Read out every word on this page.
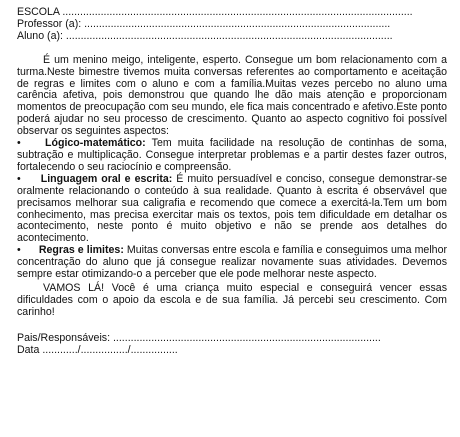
ESCOLA .......................................................................................................................
Professor (a): ........................................................................................................
Aluno (a): ...............................................................................................................

É um menino meigo, inteligente, esperto. Consegue um bom relacionamento com a turma.Neste bimestre tivemos muita conversas referentes ao comportamento e aceitação de regras e limites com o aluno e com a família.Muitas vezes percebo no aluno uma carência afetiva, pois demonstrou que quando lhe dão mais atenção e proporcionam momentos de preocupação com seu mundo, ele fica mais concentrado e afetivo.Este ponto poderá ajudar no seu processo de crescimento. Quanto ao aspecto cognitivo foi possível observar os seguintes aspectos:

• Lógico-matemático: Tem muita facilidade na resolução de continhas de soma, subtração e multiplicação. Consegue interpretar problemas e a partir destes fazer outros, fortalecendo o seu raciocínio e compreensão.

• Linguagem oral e escrita: É muito persuadível e conciso, consegue demonstrar-se oralmente relacionando o conteúdo à sua realidade. Quanto à escrita é observável que precisamos melhorar sua caligrafia e recomendo que comece a exercitá-la.Tem um bom conhecimento, mas precisa exercitar mais os textos, pois tem dificuldade em detalhar os acontecimento, neste ponto é muito objetivo e não se prende aos detalhes do acontecimento.

• Regras e limites: Muitas conversas entre escola e família e conseguimos uma melhor concentração do aluno que já consegue realizar novamente suas atividades. Devemos sempre estar otimizando-o a perceber que ele pode melhorar neste aspecto.

VAMOS LÁ! Você é uma criança muito especial e conseguirá vencer essas dificuldades com o apoio da escola e de sua família. Já percebi seu crescimento. Com carinho!

Pais/Responsáveis: ...........................................................................................
Data ............/................/................
